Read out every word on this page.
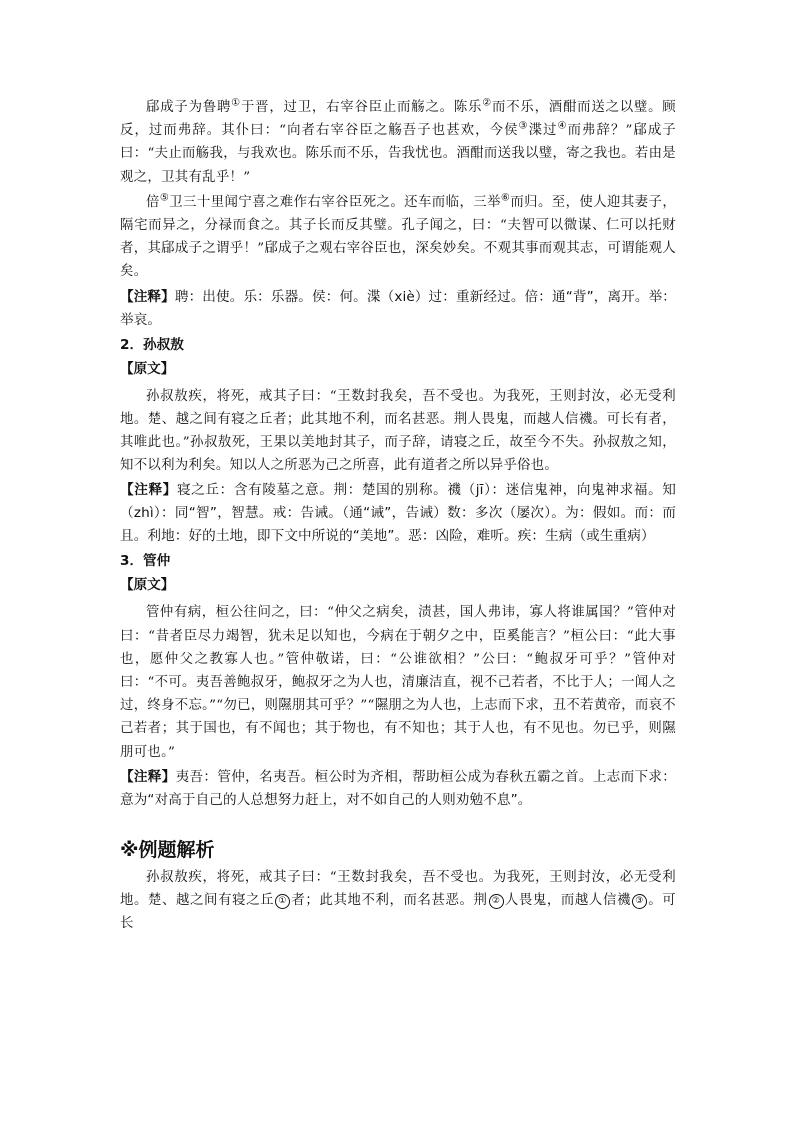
郈成子为鲁聘①于晋，过卫，右宰谷臣止而觞之。陈乐②而不乐，酒酣而送之以璧。顾反，过而弗辞。其仆曰：“向者右宰谷臣之觞吾子也甚欢，今侯③渫过④而弗辞？”郈成子曰：“夫止而觞我，与我欢也。陈乐而不乐，告我忧也。酒酣而送我以璧，寄之我也。若由是观之，卫其有乱乎！”

倍⑤卫三十里闻宁喜之难作右宰谷臣死之。还车而临，三举⑥而归。至，使人迎其妻子，隔宅而异之，分禄而食之。其子长而反其璧。孔子闻之，曰：“夫智可以微谋、仁可以托财者，其郈成子之谓乎！”郈成子之观右宰谷臣也，深矣妙矣。不观其事而观其志，可谓能观人矣。

【注释】聘：出使。乐：乐器。侯：何。渫（xiè）过：重新经过。倍：通“背”，离开。举：举哀。

2．孙叔敖
【原文】

孙叔敖疾，将死，戒其子曰：“王数封我矣，吾不受也。为我死，王则封汝，必无受利地。楚、越之间有寝之丘者；此其地不利，而名甚恶。荆人畏鬼，而越人信禨。可长有者，其唯此也。”孙叔敖死，王果以美地封其子，而子辞，请寝之丘，故至今不失。孙叔敖之知，知不以利为利矣。知以人之所恶为己之所喜，此有道者之所以异乎俗也。

【注释】寝之丘：含有陵墓之意。荆：楚国的别称。禨（jī）：迷信鬼神，向鬼神求福。知（zhì）：同“智”，智慧。戒：告诫。（通“诫”，告诫）数：多次（屡次）。为：假如。而：而且。利地：好的土地，即下文中所说的“美地”。恶：凶险，难听。疾：生病（或生重病）

3．管仲
【原文】

管仲有病，桓公往问之，曰：“仲父之病矣，渍甚，国人弗讳，寡人将谁属国？”管仲对曰：“昔者臣尽力竭智，犹未足以知也，今病在于朝夕之中，臣奚能言？”桓公曰：“此大事也，愿仲父之教寡人也。”管仲敬诺，曰：“公谁欲相？”公曰：“鲍叔牙可乎？”管仲对曰：“不可。夷吾善鲍叔牙，鲍叔牙之为人也，清廉洁直，视不己若者，不比于人；一闻人之过，终身不忘。”“勿已，则隰朋其可乎？”“隰朋之为人也，上志而下求，丑不若黄帝，而哀不己若者；其于国也，有不闻也；其于物也，有不知也；其于人也，有不见也。勿已乎，则隰朋可也。”

【注释】夷吾：管仲，名夷吾。桓公时为齐相，帮助桓公成为春秋五霸之首。上志而下求：意为“对高于自己的人总想努力赶上，对不如自己的人则劝勉不息”。

※例题解析

孙叔敖疾，将死，戒其子曰：“王数封我矣，吾不受也。为我死，王则封汝，必无受利地。楚、越之间有寝之丘 ① 者；此其地不利，而名甚恶。荆 ② 人畏鬼，而越人信禨 ③ 。可长
